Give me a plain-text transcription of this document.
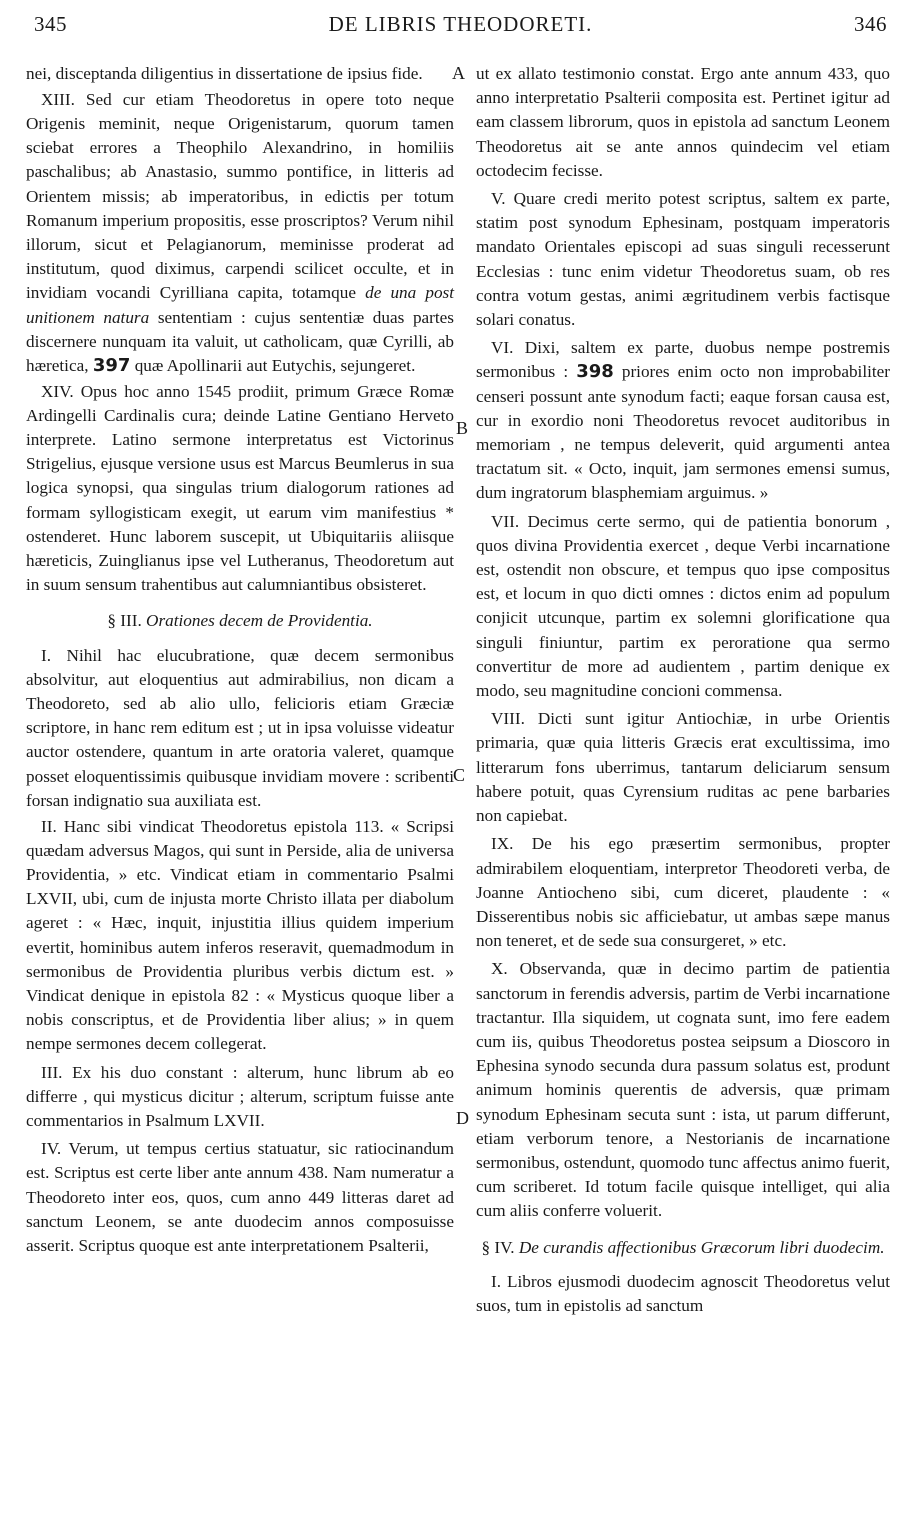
345	DE LIBRIS THEODORETI.	346
A
B
C
D

nei, disceptanda diligentius in dissertatione de ipsius fide.

XIII. Sed cur etiam Theodoretus in opere toto neque Origenis meminit, neque Origenistarum, quorum tamen sciebat errores a Theophilo Alexandrino, in homiliis paschalibus; ab Anastasio, summo pontifice, in litteris ad Orientem missis; ab imperatoribus, in edictis per totum Romanum imperium propositis, esse proscriptos? Verum nihil illorum, sicut et Pelagianorum, meminisse proderat ad institutum, quod diximus, carpendi scilicet occulte, et in invidiam vocandi Cyrilliana capita, totamque de una post unitionem natura sententiam : cujus sententiæ duas partes discernere nunquam ita valuit, ut catholicam, quæ Cyrilli, ab hæretica, 397 quæ Apollinarii aut Eutychis, sejungeret.

XIV. Opus hoc anno 1545 prodiit, primum Græce Romæ Ardingelli Cardinalis cura; deinde Latine Gentiano Herveto interprete. Latino sermone interpretatus est Victorinus Strigelius, ejusque versione usus est Marcus Beumlerus in sua logica synopsi, qua singulas trium dialogorum rationes ad formam syllogisticam exegit, ut earum vim manifestius * ostenderet. Hunc laborem suscepit, ut Ubiquitariis aliisque hæreticis, Zuinglianus ipse vel Lutheranus, Theodoretum aut in suum sensum trahentibus aut calumniantibus obsisteret.

§ III. Orationes decem de Providentia.

I. Nihil hac elucubratione, quæ decem sermonibus absolvitur, aut eloquentius aut admirabilius, non dicam a Theodoreto, sed ab alio ullo, felicioris etiam Græciæ scriptore, in hanc rem editum est ; ut in ipsa voluisse videatur auctor ostendere, quantum in arte oratoria valeret, quamque posset eloquentissimis quibusque invidiam movere : scribenti forsan indignatio sua auxiliata est.

II. Hanc sibi vindicat Theodoretus epistola 113. « Scripsi quædam adversus Magos, qui sunt in Perside, alia de universa Providentia, » etc. Vindicat etiam in commentario Psalmi LXVII, ubi, cum de injusta morte Christo illata per diabolum ageret : « Hæc, inquit, injustitia illius quidem imperium evertit, hominibus autem inferos reseravit, quemadmodum in sermonibus de Providentia pluribus verbis dictum est. » Vindicat denique in epistola 82 : « Mysticus quoque liber a nobis conscriptus, et de Providentia liber alius; » in quem nempe sermones decem collegerat.

III. Ex his duo constant : alterum, hunc librum ab eo differre , qui mysticus dicitur ; alterum, scriptum fuisse ante commentarios in Psalmum LXVII.

IV. Verum, ut tempus certius statuatur, sic ratiocinandum est. Scriptus est certe liber ante annum 438. Nam numeratur a Theodoreto inter eos, quos, cum anno 449 litteras daret ad sanctum Leonem, se ante duodecim annos composuisse asserit. Scriptus quoque est ante interpretationem Psalterii,

ut ex allato testimonio constat. Ergo ante annum 433, quo anno interpretatio Psalterii composita est. Pertinet igitur ad eam classem librorum, quos in epistola ad sanctum Leonem Theodoretus ait se ante annos quindecim vel etiam octodecim fecisse.

V. Quare credi merito potest scriptus, saltem ex parte, statim post synodum Ephesinam, postquam imperatoris mandato Orientales episcopi ad suas singuli recesserunt Ecclesias : tunc enim videtur Theodoretus suam, ob res contra votum gestas, animi ægritudinem verbis factisque solari conatus.

VI. Dixi, saltem ex parte, duobus nempe postremis sermonibus : 398 priores enim octo non improbabiliter censeri possunt ante synodum facti; eaque forsan causa est, cur in exordio noni Theodoretus revocet auditoribus in memoriam , ne tempus deleverit, quid argumenti antea tractatum sit. « Octo, inquit, jam sermones emensi sumus, dum ingratorum blasphemiam arguimus. »

VII. Decimus certe sermo, qui de patientia bonorum , quos divina Providentia exercet , deque Verbi incarnatione est, ostendit non obscure, et tempus quo ipse compositus est, et locum in quo dicti omnes : dictos enim ad populum conjicit utcunque, partim ex solemni glorificatione qua singuli finiuntur, partim ex peroratione qua sermo convertitur de more ad audientem , partim denique ex modo, seu magnitudine concioni commensa.

VIII. Dicti sunt igitur Antiochiæ, in urbe Orientis primaria, quæ quia litteris Græcis erat excultissima, imo litterarum fons uberrimus, tantarum deliciarum sensum habere potuit, quas Cyrensium ruditas ac pene barbaries non capiebat.

IX. De his ego præsertim sermonibus, propter admirabilem eloquentiam, interpretor Theodoreti verba, de Joanne Antiocheno sibi, cum diceret, plaudente : « Disserentibus nobis sic afficiebatur, ut ambas sæpe manus non teneret, et de sede sua consurgeret, » etc.

X. Observanda, quæ in decimo partim de patientia sanctorum in ferendis adversis, partim de Verbi incarnatione tractantur. Illa siquidem, ut cognata sunt, imo fere eadem cum iis, quibus Theodoretus postea seipsum a Dioscoro in Ephesina synodo secunda dura passum solatus est, produnt animum hominis querentis de adversis, quæ primam synodum Ephesinam secuta sunt : ista, ut parum differunt, etiam verborum tenore, a Nestorianis de incarnatione sermonibus, ostendunt, quomodo tunc affectus animo fuerit, cum scriberet. Id totum facile quisque intelliget, qui alia cum aliis conferre voluerit.

§ IV. De curandis affectionibus Græcorum libri duodecim.

I. Libros ejusmodi duodecim agnoscit Theodoretus velut suos, tum in epistolis ad sanctum
